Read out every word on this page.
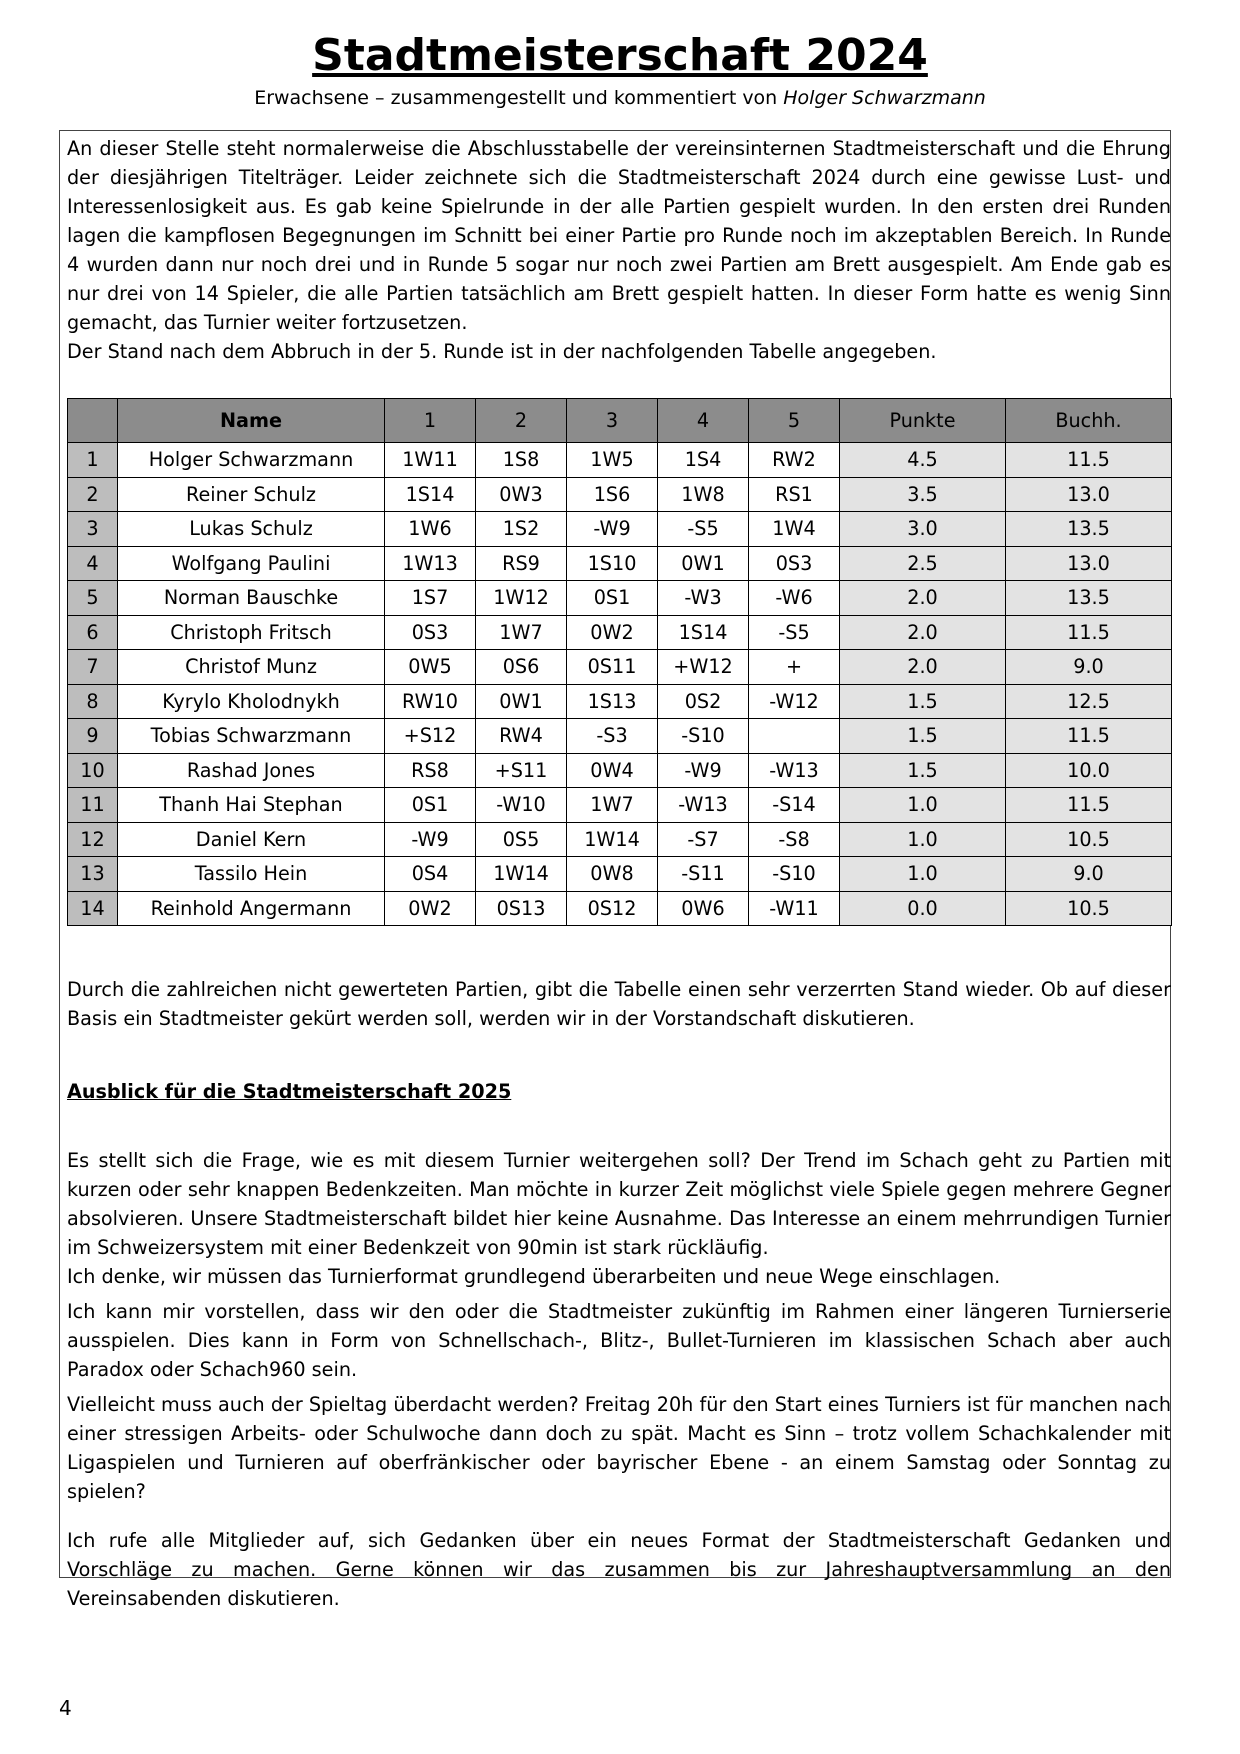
Stadtmeisterschaft 2024
Erwachsene – zusammengestellt und kommentiert von Holger Schwarzmann

An dieser Stelle steht normalerweise die Abschlusstabelle der vereinsinternen Stadtmeisterschaft und die Ehrung der diesjährigen Titelträger. Leider zeichnete sich die Stadtmeisterschaft 2024 durch eine gewisse Lust- und Interessenlosigkeit aus. Es gab keine Spielrunde in der alle Partien gespielt wurden. In den ersten drei Runden lagen die kampflosen Begegnungen im Schnitt bei einer Partie pro Runde noch im akzeptablen Bereich. In Runde 4 wurden dann nur noch drei und in Runde 5 sogar nur noch zwei Partien am Brett ausgespielt. Am Ende gab es nur drei von 14 Spieler, die alle Partien tatsächlich am Brett gespielt hatten. In dieser Form hatte es wenig Sinn gemacht, das Turnier weiter fortzusetzen.

Der Stand nach dem Abbruch in der 5. Runde ist in der nachfolgenden Tabelle angegeben.

	Name	1	2	3	4	5	Punkte	Buchh.
1	Holger Schwarzmann	1W11	1S8	1W5	1S4	RW2	4.5	11.5
2	Reiner Schulz	1S14	0W3	1S6	1W8	RS1	3.5	13.0
3	Lukas Schulz	1W6	1S2	-W9	-S5	1W4	3.0	13.5
4	Wolfgang Paulini	1W13	RS9	1S10	0W1	0S3	2.5	13.0
5	Norman Bauschke	1S7	1W12	0S1	-W3	-W6	2.0	13.5
6	Christoph Fritsch	0S3	1W7	0W2	1S14	-S5	2.0	11.5
7	Christof Munz	0W5	0S6	0S11	+W12	+	2.0	9.0
8	Kyrylo Kholodnykh	RW10	0W1	1S13	0S2	-W12	1.5	12.5
9	Tobias Schwarzmann	+S12	RW4	-S3	-S10		1.5	11.5
10	Rashad Jones	RS8	+S11	0W4	-W9	-W13	1.5	10.0
11	Thanh Hai Stephan	0S1	-W10	1W7	-W13	-S14	1.0	11.5
12	Daniel Kern	-W9	0S5	1W14	-S7	-S8	1.0	10.5
13	Tassilo Hein	0S4	1W14	0W8	-S11	-S10	1.0	9.0
14	Reinhold Angermann	0W2	0S13	0S12	0W6	-W11	0.0	10.5

Durch die zahlreichen nicht gewerteten Partien, gibt die Tabelle einen sehr verzerrten Stand wieder. Ob auf dieser Basis ein Stadtmeister gekürt werden soll, werden wir in der Vorstandschaft diskutieren.

Ausblick für die Stadtmeisterschaft 2025

Es stellt sich die Frage, wie es mit diesem Turnier weitergehen soll? Der Trend im Schach geht zu Partien mit kurzen oder sehr knappen Bedenkzeiten. Man möchte in kurzer Zeit möglichst viele Spiele gegen mehrere Gegner absolvieren. Unsere Stadtmeisterschaft bildet hier keine Ausnahme. Das Interesse an einem mehrrundigen Turnier im Schweizersystem mit einer Bedenkzeit von 90min ist stark rückläufig.

Ich denke, wir müssen das Turnierformat grundlegend überarbeiten und neue Wege einschlagen.

Ich kann mir vorstellen, dass wir den oder die Stadtmeister zukünftig im Rahmen einer längeren Turnierserie ausspielen. Dies kann in Form von Schnellschach-, Blitz-, Bullet-Turnieren im klassischen Schach aber auch Paradox oder Schach960 sein.

Vielleicht muss auch der Spieltag überdacht werden? Freitag 20h für den Start eines Turniers ist für manchen nach einer stressigen Arbeits- oder Schulwoche dann doch zu spät. Macht es Sinn – trotz vollem Schachkalender mit Ligaspielen und Turnieren auf oberfränkischer oder bayrischer Ebene - an einem Samstag oder Sonntag zu spielen?

Ich rufe alle Mitglieder auf, sich Gedanken über ein neues Format der Stadtmeisterschaft Gedanken und Vorschläge zu machen. Gerne können wir das zusammen bis zur Jahreshauptversammlung an den Vereinsabenden diskutieren.

4
